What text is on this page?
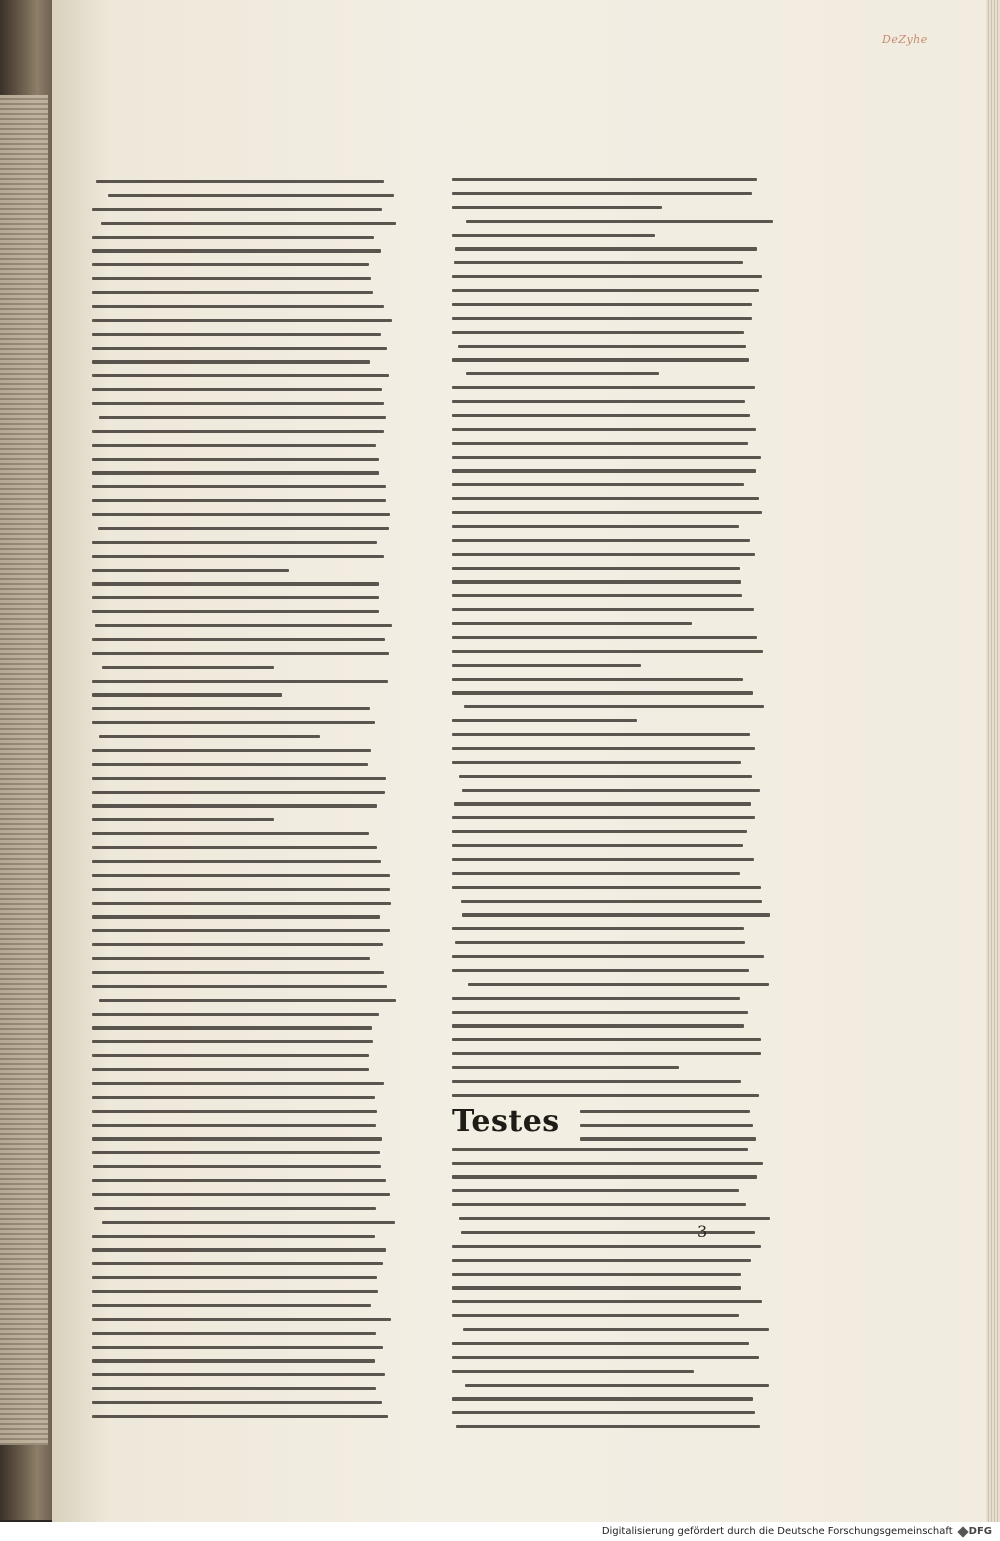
DeZyhe
Testes
3
Digitalisierung gefördert durch die Deutsche Forschungsgemeinschaft DFG
